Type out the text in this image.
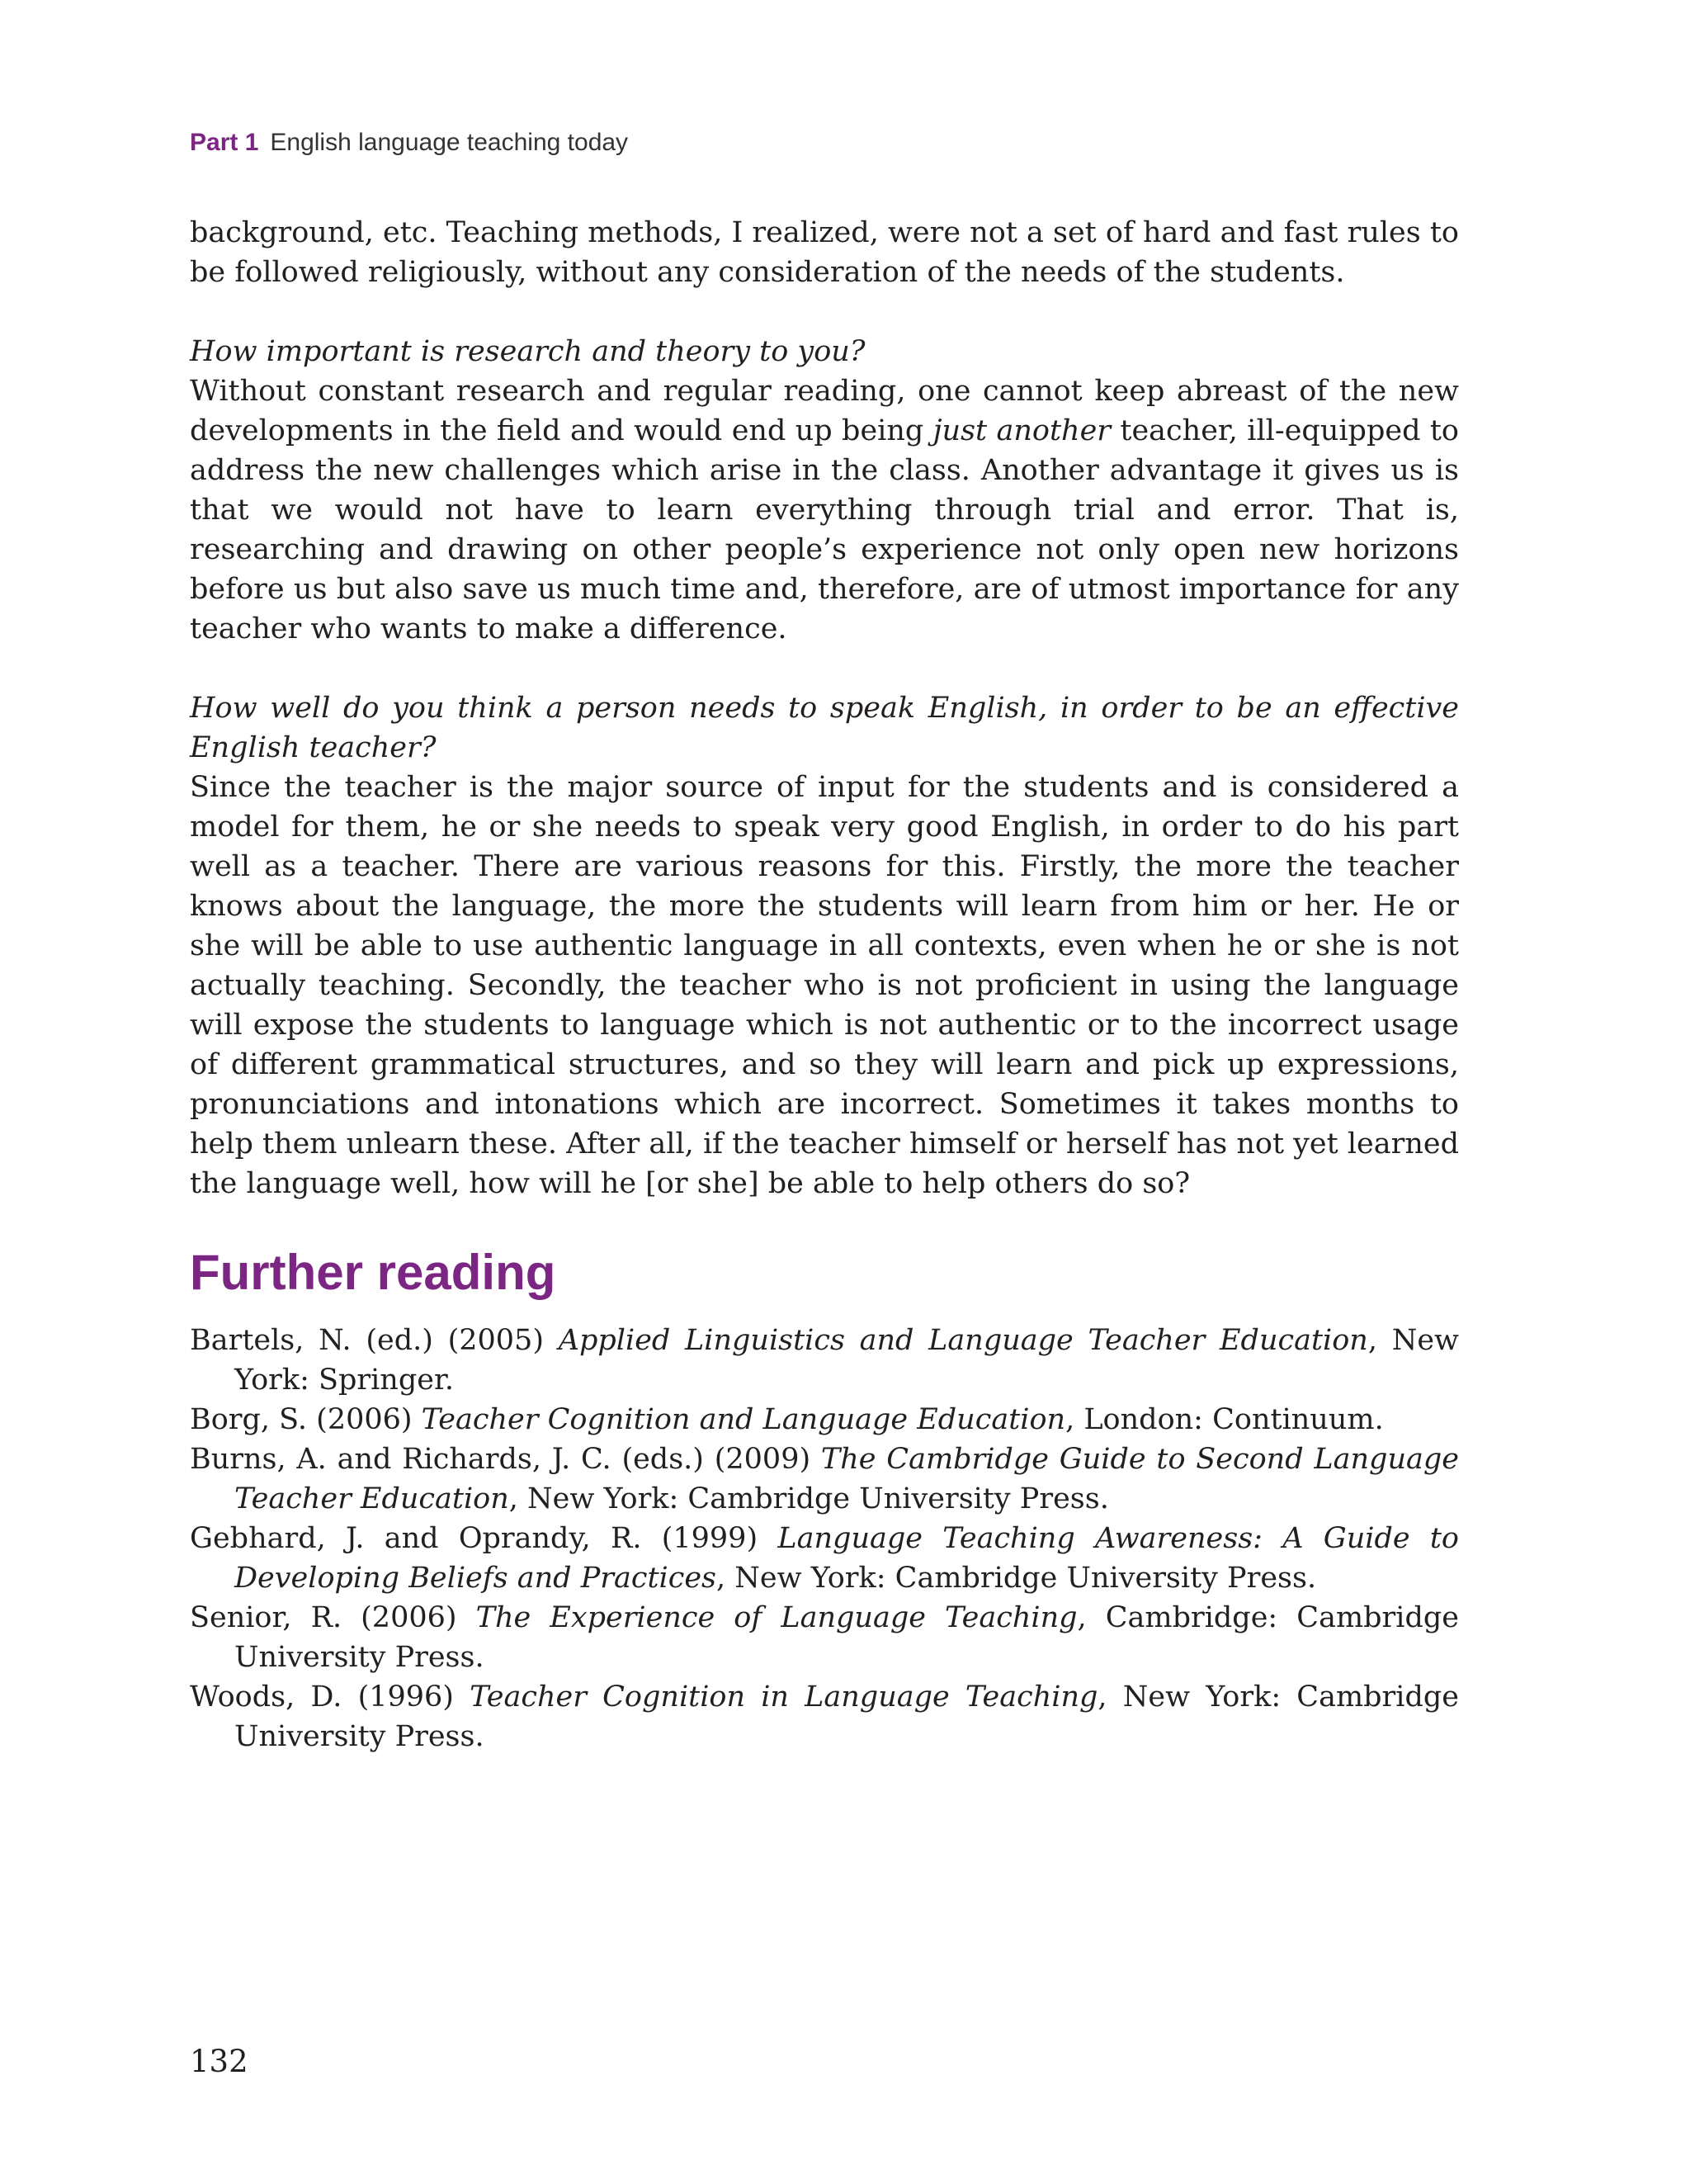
Part 1 English language teaching today

background, etc. Teaching methods, I realized, were not a set of hard and fast rules to be followed religiously, without any consideration of the needs of the students.

How important is research and theory to you?

Without constant research and regular reading, one cannot keep abreast of the new developments in the field and would end up being just another teacher, ill-equipped to address the new challenges which arise in the class. Another advantage it gives us is that we would not have to learn everything through trial and error. That is, researching and drawing on other people’s experience not only open new horizons before us but also save us much time and, therefore, are of utmost importance for any teacher who wants to make a difference.

How well do you think a person needs to speak English, in order to be an effective English teacher?

Since the teacher is the major source of input for the students and is considered a model for them, he or she needs to speak very good English, in order to do his part well as a teacher. There are various reasons for this. Firstly, the more the teacher knows about the language, the more the students will learn from him or her. He or she will be able to use authentic language in all contexts, even when he or she is not actually teaching. Secondly, the teacher who is not proficient in using the language will expose the students to language which is not authentic or to the incorrect usage of different grammatical structures, and so they will learn and pick up expressions, pronunciations and intonations which are incorrect. Sometimes it takes months to help them unlearn these. After all, if the teacher himself or herself has not yet learned the language well, how will he [or she] be able to help others do so?

Further reading

Bartels, N. (ed.) (2005) Applied Linguistics and Language Teacher Education, New York: Springer.

Borg, S. (2006) Teacher Cognition and Language Education, London: Continuum.

Burns, A. and Richards, J. C. (eds.) (2009) The Cambridge Guide to Second Language Teacher Education, New York: Cambridge University Press.

Gebhard, J. and Oprandy, R. (1999) Language Teaching Awareness: A Guide to Developing Beliefs and Practices, New York: Cambridge University Press.

Senior, R. (2006) The Experience of Language Teaching, Cambridge: Cambridge University Press.

Woods, D. (1996) Teacher Cognition in Language Teaching, New York: Cambridge University Press.

132
